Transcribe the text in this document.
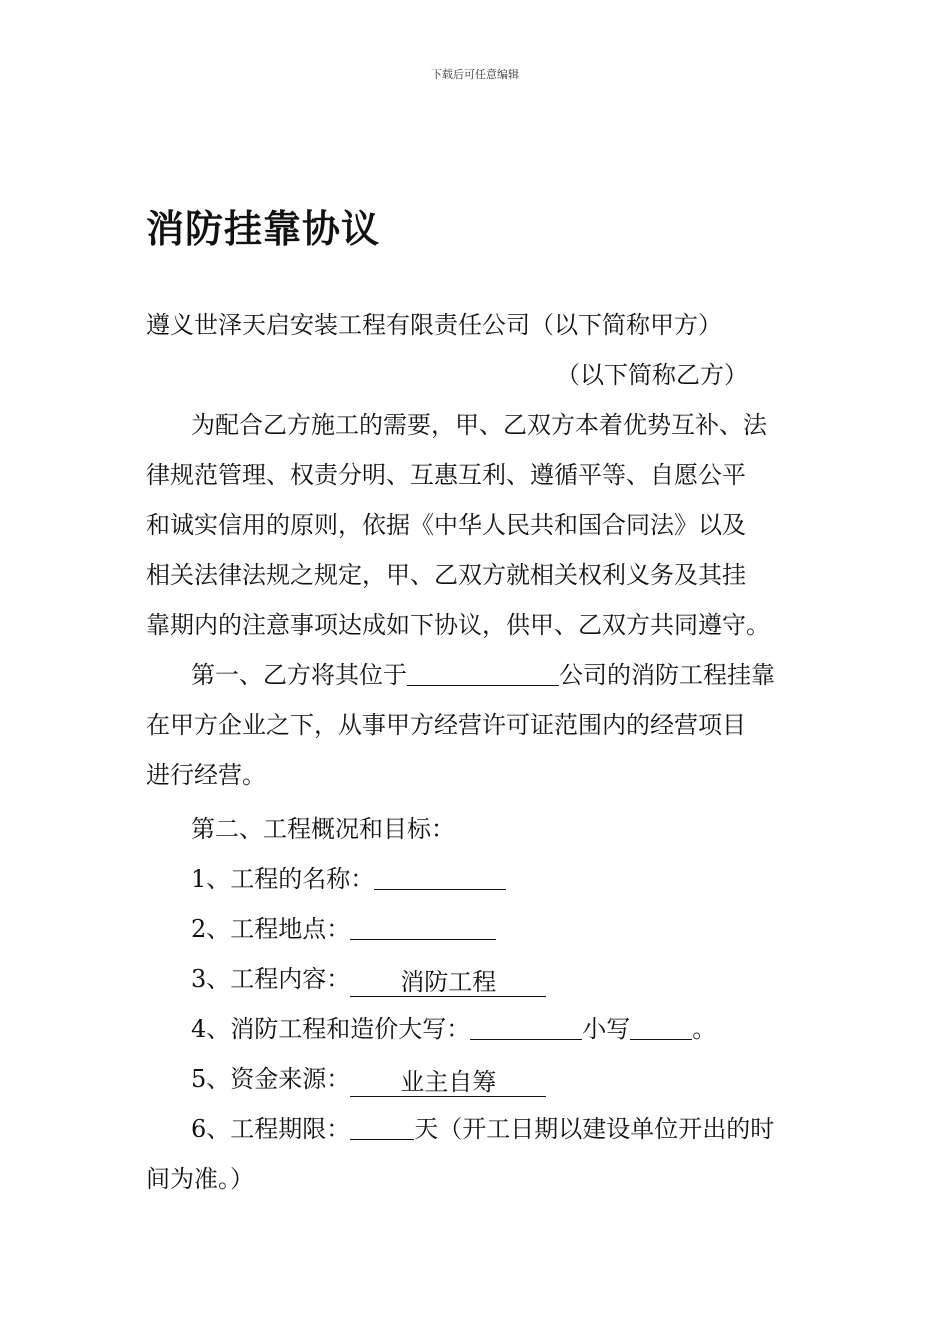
下载后可任意编辑
消防挂靠协议
遵义世泽天启安装工程有限责任公司（以下简称甲方）
（以下简称乙方）
为配合乙方施工的需要，甲、乙双方本着优势互补、法
律规范管理、权责分明、互惠互利、遵循平等、自愿公平
和诚实信用的原则，依据《中华人民共和国合同法》以及
相关法律法规之规定，甲、乙双方就相关权利义务及其挂
靠期内的注意事项达成如下协议，供甲、乙双方共同遵守。
第一、乙方将其位于	公司的消防工程挂靠
在甲方企业之下，从事甲方经营许可证范围内的经营项目
进行经营。
第二、工程概况和目标：
1、工程的名称：
2、工程地点：
3、工程内容： 消防工程
4、消防工程和造价大写：	小写	。
5、资金来源： 业主自筹
6、工程期限：	天（开工日期以建设单位开出的时
间为准。）
